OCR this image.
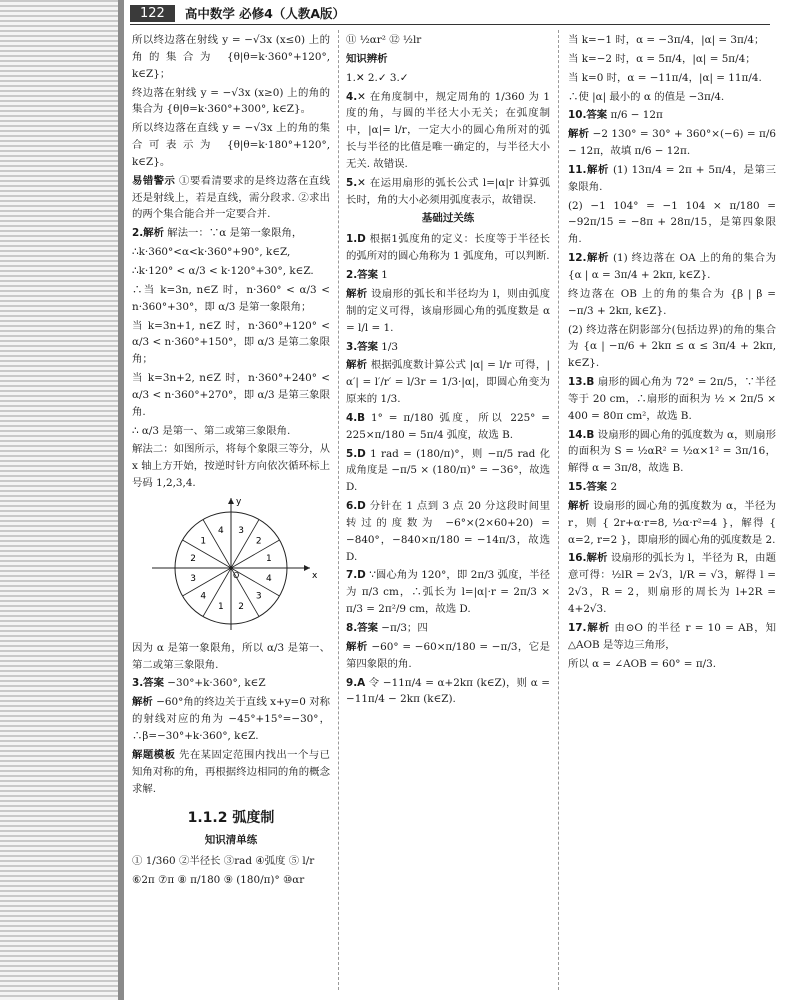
122	高中数学 必修4（人教A版）

所以终边落在射线 y = −√3x (x≤0) 上的角的集合为 {θ|θ=k·360°+120°, k∈Z}；

终边落在射线 y = −√3x (x≥0) 上的角的集合为 {θ|θ=k·360°+300°, k∈Z}。

所以终边落在直线 y = −√3x 上的角的集合可表示为 {θ|θ=k·180°+120°, k∈Z}。

易错警示 ①要看清要求的是终边落在直线还是射线上，若是直线，需分段求. ②求出的两个集合能合并一定要合并.

2.解析 解法一：∵α 是第一象限角，

∴k·360°<α<k·360°+90°, k∈Z,

∴k·120° < α/3 < k·120°+30°, k∈Z.

∴当 k=3n, n∈Z 时，n·360° < α/3 < n·360°+30°，即 α/3 是第一象限角；

当 k=3n+1, n∈Z 时，n·360°+120° < α/3 < n·360°+150°，即 α/3 是第二象限角；

当 k=3n+2, n∈Z 时，n·360°+240° < α/3 < n·360°+270°，即 α/3 是第三象限角.

∴ α/3 是第一、第二或第三象限角.

解法二：如图所示，将每个象限三等分，从 x 轴上方开始，按逆时针方向依次循环标上号码 1,2,3,4.

x
y
O
1
2
3
4
1
2
3
4
1 2
3
4

因为 α 是第一象限角，所以 α/3 是第一、第二或第三象限角.

3.答案 −30°+k·360°, k∈Z

解析 −60°角的终边关于直线 x+y=0 对称的射线对应的角为 −45°+15°=−30°，∴β=−30°+k·360°, k∈Z.

解题模板 先在某固定范围内找出一个与已知角对称的角，再根据终边相同的角的概念求解.

1.1.2 弧度制
知识清单练

① 1/360 ②半径长 ③rad ④弧度 ⑤ l/r

⑥2π ⑦π ⑧ π/180 ⑨ (180/π)° ⑩αr

⑪ ½αr² ⑫ ½lr

知识辨析

1.✕ 2.✓ 3.✓

4.✕ 在角度制中，规定周角的 1/360 为 1 度的角，与圆的半径大小无关；在弧度制中，|α|= l/r，一定大小的圆心角所对的弧长与半径的比值是唯一确定的，与半径大小无关. 故错误.

5.✕ 在运用扇形的弧长公式 l=|α|r 计算弧长时，角的大小必须用弧度表示，故错误.

基础过关练

1.D 根据1弧度角的定义：长度等于半径长的弧所对的圆心角称为 1 弧度角，可以判断.

2.答案 1

解析 设扇形的弧长和半径均为 l，则由弧度制的定义可得，该扇形圆心角的弧度数是 α = l/l = 1.

3.答案 1/3

解析 根据弧度数计算公式 |α| = l/r 可得，|α′| = l′/r′ = l/3r = 1/3·|α|，即圆心角变为原来的 1/3.

4.B 1° = π/180 弧度，所以 225° = 225×π/180 = 5π/4 弧度，故选 B.

5.D 1 rad = (180/π)°，则 −π/5 rad 化成角度是 −π/5 × (180/π)° = −36°，故选 D.

6.D 分针在 1 点到 3 点 20 分这段时间里转过的度数为 −6°×(2×60+20) = −840°，−840×π/180 = −14π/3，故选 D.

7.D ∵圆心角为 120°，即 2π/3 弧度，半径为 π/3 cm，∴弧长为 l=|α|·r = 2π/3 × π/3 = 2π²/9 cm，故选 D.

8.答案 −π/3；四

解析 −60° = −60×π/180 = −π/3，它是第四象限的角.

9.A 令 −11π/4 = α+2kπ (k∈Z)，则 α = −11π/4 − 2kπ (k∈Z).

当 k=−1 时，α = −3π/4，|α| = 3π/4；

当 k=−2 时，α = 5π/4，|α| = 5π/4；

当 k=0 时，α = −11π/4，|α| = 11π/4.

∴使 |α| 最小的 α 的值是 −3π/4.

10.答案 π/6 − 12π

解析 −2 130° = 30° + 360°×(−6) = π/6 − 12π，故填 π/6 − 12π.

11.解析 (1) 13π/4 = 2π + 5π/4，是第三象限角.

(2) −1 104° = −1 104 × π/180 = −92π/15 = −8π + 28π/15，是第四象限角.

12.解析 (1) 终边落在 OA 上的角的集合为 {α | α = 3π/4 + 2kπ, k∈Z}.

终边落在 OB 上的角的集合为 {β | β = −π/3 + 2kπ, k∈Z}.

(2) 终边落在阴影部分(包括边界)的角的集合为 {α | −π/6 + 2kπ ≤ α ≤ 3π/4 + 2kπ, k∈Z}.

13.B 扇形的圆心角为 72° = 2π/5，∵半径等于 20 cm，∴扇形的面积为 ½ × 2π/5 × 400 = 80π cm²，故选 B.

14.B 设扇形的圆心角的弧度数为 α，则扇形的面积为 S = ½αR² = ½α×1² = 3π/16，解得 α = 3π/8，故选 B.

15.答案 2

解析 设扇形的圆心角的弧度数为 α，半径为 r，则 { 2r+α·r=8, ½α·r²=4 }，解得 { α=2, r=2 }，即扇形的圆心角的弧度数是 2.

16.解析 设扇形的弧长为 l，半径为 R，由题意可得：½lR = 2√3，l/R = √3，解得 l = 2√3，R = 2，则扇形的周长为 l+2R = 4+2√3.

17.解析 由⊙O 的半径 r = 10 = AB，知△AOB 是等边三角形，

所以 α = ∠AOB = 60° = π/3.
